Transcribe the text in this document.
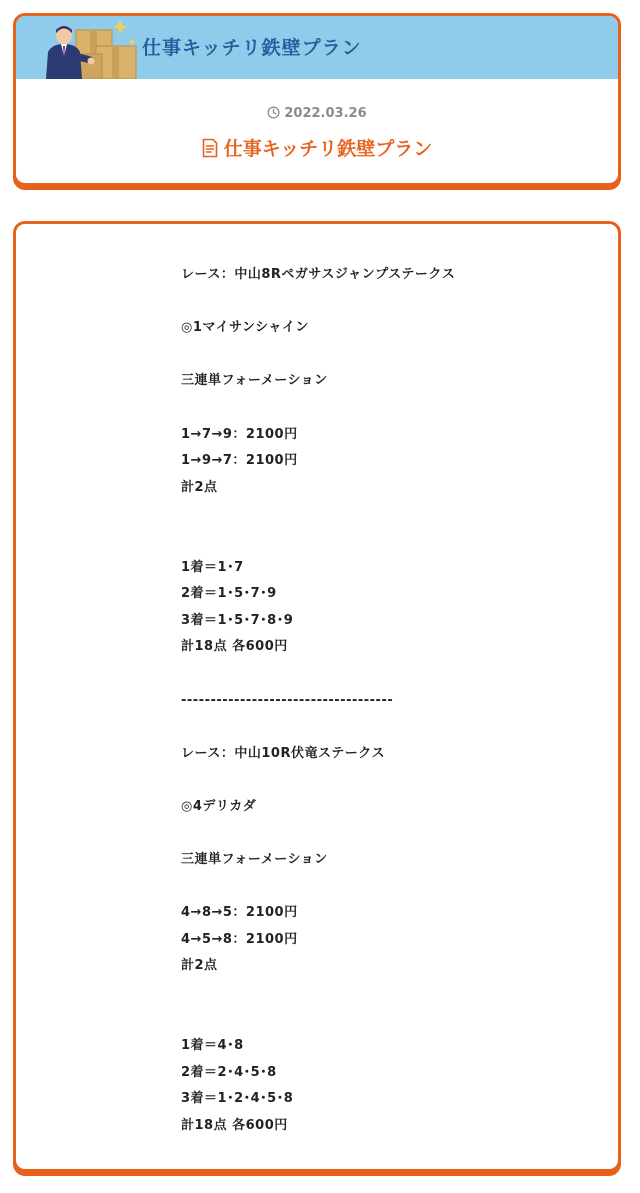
仕事キッチリ鉄壁プラン
2022.03.26
仕事キッチリ鉄壁プラン
レース：中山8Rペガサスジャンプステークス
◎1マイサンシャイン
三連単フォーメーション
1→7→9：2100円
1→9→7：2100円
計2点
1着＝1･7
2着＝1･5･7･9
3着＝1･5･7･8･9
計18点 各600円
------------------------------------
レース：中山10R伏竜ステークス
◎4デリカダ
三連単フォーメーション
4→8→5：2100円
4→5→8：2100円
計2点
1着＝4･8
2着＝2･4･5･8
3着＝1･2･4･5･8
計18点 各600円
